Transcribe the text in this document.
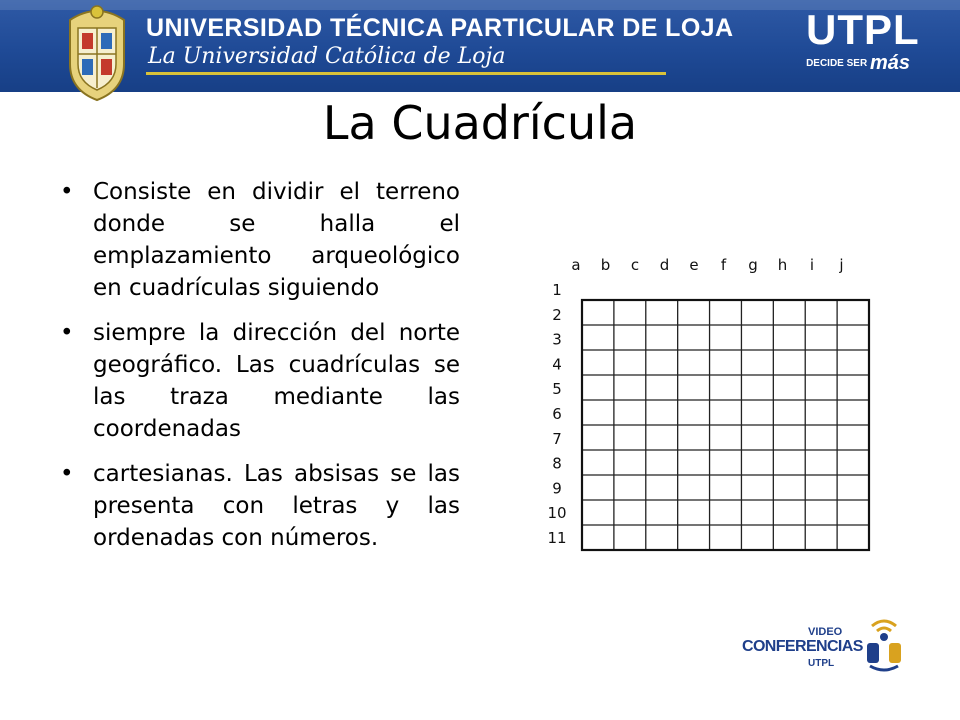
UNIVERSIDAD TÉCNICA PARTICULAR DE LOJA
La Universidad Católica de Loja
UTPL
DECIDE SER más
La Cuadrícula
• Consiste en dividir el terreno donde se halla el emplazamiento arqueológico en cuadrículas siguiendo
• siempre la dirección del norte geográfico. Las cuadrículas se las traza mediante las coordenadas
• cartesianas. Las absisas se las presenta con letras y las ordenadas con números.
a b c d e f g h i j
1
2
3
4
5
6
7
8
9
10
11
VIDEO
CONFERENCIAS
UTPL
